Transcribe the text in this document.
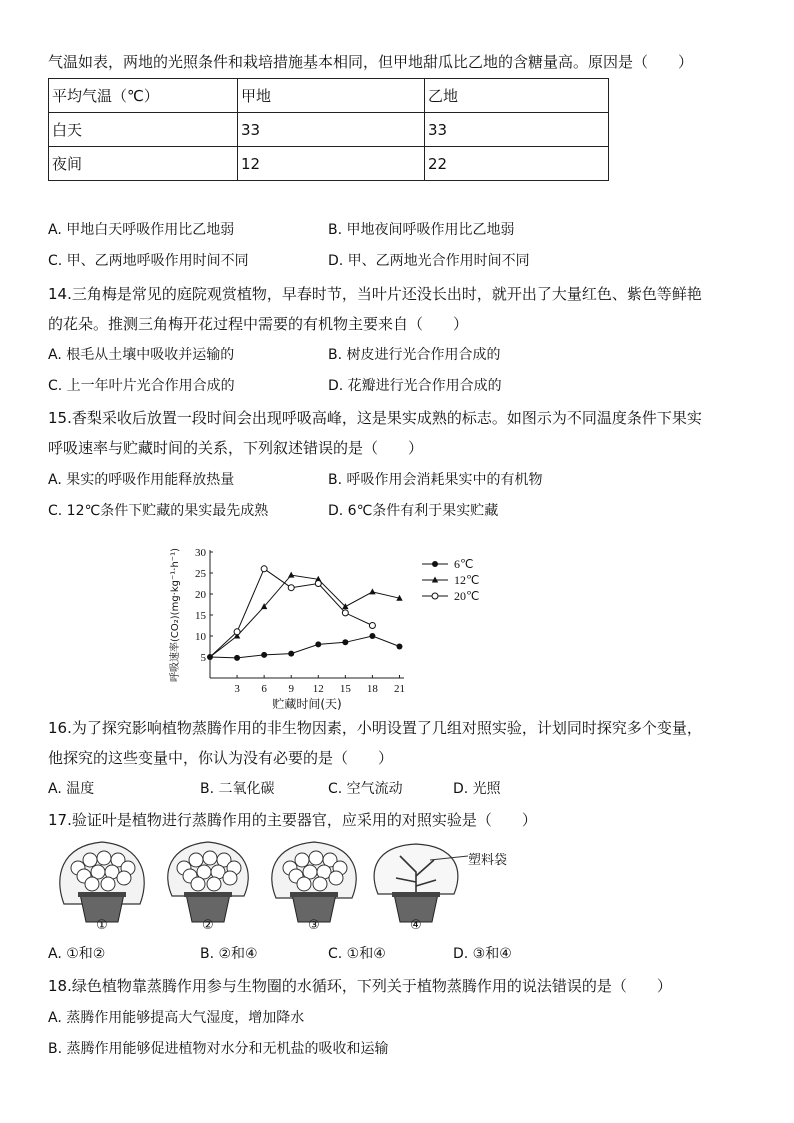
气温如表，两地的光照条件和栽培措施基本相同，但甲地甜瓜比乙地的含糖量高。原因是（　　）
平均气温（℃）	甲地	乙地
白天	33	33
夜间	12	22
A. 甲地白天呼吸作用比乙地弱	B. 甲地夜间呼吸作用比乙地弱
C. 甲、乙两地呼吸作用时间不同	D. 甲、乙两地光合作用时间不同
14.三角梅是常见的庭院观赏植物，早春时节，当叶片还没长出时，就开出了大量红色、紫色等鲜艳
的花朵。推测三角梅开花过程中需要的有机物主要来自（　　）
A. 根毛从土壤中吸收并运输的	B. 树皮进行光合作用合成的
C. 上一年叶片光合作用合成的	D. 花瓣进行光合作用合成的
15.香梨采收后放置一段时间会出现呼吸高峰，这是果实成熟的标志。如图示为不同温度条件下果实
呼吸速率与贮藏时间的关系，下列叙述错误的是（　　）
A. 果实的呼吸作用能释放热量	B. 呼吸作用会消耗果实中的有机物
C. 12℃条件下贮藏的果实最先成熟	D. 6℃条件有利于果实贮藏
5
10
15
20
25
30
3 6 9 12 15 18 21
贮藏时间(天)
呼吸速率(CO₂)(mg·kg⁻¹·h⁻¹)	6℃
12℃
20℃
16.为了探究影响植物蒸腾作用的非生物因素，小明设置了几组对照实验，计划同时探究多个变量，
他探究的这些变量中，你认为没有必要的是（　　）
A. 温度	B. 二氧化碳	C. 空气流动	D. 光照
17.验证叶是植物进行蒸腾作用的主要器官，应采用的对照实验是（　　）
塑料袋
①	②	③	④
A. ①和②	B. ②和④	C. ①和④	D. ③和④
18.绿色植物靠蒸腾作用参与生物圈的水循环，下列关于植物蒸腾作用的说法错误的是（　　）
A. 蒸腾作用能够提高大气湿度，增加降水
B. 蒸腾作用能够促进植物对水分和无机盐的吸收和运输
